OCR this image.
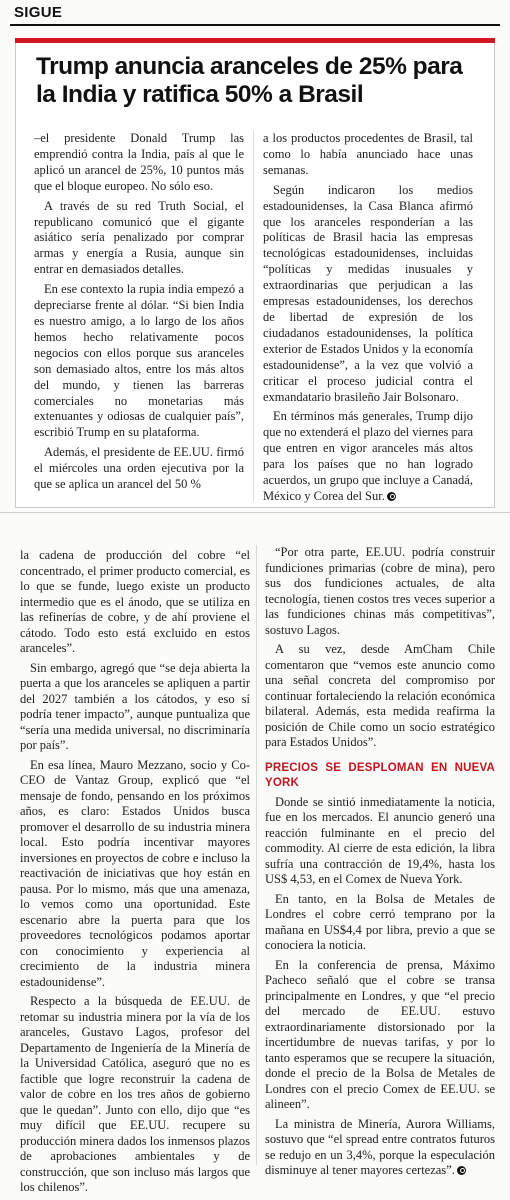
SIGUE
Trump anuncia aranceles de 25% para la India y ratifica 50% a Brasil

–el presidente Donald Trump las emprendió contra la India, país al que le aplicó un arancel de 25%, 10 puntos más que el bloque europeo. No sólo eso.

A través de su red Truth Social, el republicano comunicó que el gigante asiático sería penalizado por comprar armas y energía a Rusia, aunque sin entrar en demasiados detalles.

En ese contexto la rupia india empezó a depreciarse frente al dólar. “Si bien India es nuestro amigo, a lo largo de los años hemos hecho relativamente pocos negocios con ellos porque sus aranceles son demasiado altos, entre los más altos del mundo, y tienen las barreras comerciales no monetarias más extenuantes y odiosas de cualquier país”, escribió Trump en su plataforma.

Además, el presidente de EE.UU. firmó el miércoles una orden ejecutiva por la que se aplica un arancel del 50 %

a los productos procedentes de Brasil, tal como lo había anunciado hace unas semanas.

Según indicaron los medios estadounidenses, la Casa Blanca afirmó que los aranceles responderían a las políticas de Brasil hacia las empresas tecnológicas estadounidenses, incluidas “políticas y medidas inusuales y extraordinarias que perjudican a las empresas estadounidenses, los derechos de libertad de expresión de los ciudadanos estadounidenses, la política exterior de Estados Unidos y la economía estadounidense”, a la vez que volvió a criticar el proceso judicial contra el exmandatario brasileño Jair Bolsonaro.

En términos más generales, Trump dijo que no extenderá el plazo del viernes para que entren en vigor aranceles más altos para los países que no han logrado acuerdos, un grupo que incluye a Canadá, México y Corea del Sur.

la cadena de producción del cobre “el concentrado, el primer producto comercial, es lo que se funde, luego existe un producto intermedio que es el ánodo, que se utiliza en las refinerías de cobre, y de ahí proviene el cátodo. Todo esto está excluido en estos aranceles”.

Sin embargo, agregó que “se deja abierta la puerta a que los aranceles se apliquen a partir del 2027 también a los cátodos, y eso sí podría tener impacto”, aunque puntualiza que “sería una medida universal, no discriminaría por país”.

En esa línea, Mauro Mezzano, socio y Co-CEO de Vantaz Group, explicó que “el mensaje de fondo, pensando en los próximos años, es claro: Estados Unidos busca promover el desarrollo de su industria minera local. Esto podría incentivar mayores inversiones en proyectos de cobre e incluso la reactivación de iniciativas que hoy están en pausa. Por lo mismo, más que una amenaza, lo vemos como una oportunidad. Este escenario abre la puerta para que los proveedores tecnológicos podamos aportar con conocimiento y experiencia al crecimiento de la industria minera estadounidense”.

Respecto a la búsqueda de EE.UU. de retomar su industria minera por la vía de los aranceles, Gustavo Lagos, profesor del Departamento de Ingeniería de la Minería de la Universidad Católica, aseguró que no es factible que logre reconstruir la cadena de valor de cobre en los tres años de gobierno que le quedan”. Junto con ello, dijo que “es muy difícil que EE.UU. recupere su producción minera dados los inmensos plazos de aprobaciones ambientales y de construcción, que son incluso más largos que los chilenos”.

“Por otra parte, EE.UU. podría construir fundiciones primarias (cobre de mina), pero sus dos fundiciones actuales, de alta tecnología, tienen costos tres veces superior a las fundiciones chinas más competitivas”, sostuvo Lagos.

A su vez, desde AmCham Chile comentaron que “vemos este anuncio como una señal concreta del compromiso por continuar fortaleciendo la relación económica bilateral. Además, esta medida reafirma la posición de Chile como un socio estratégico para Estados Unidos”.

PRECIOS SE DESPLOMAN EN NUEVA YORK

Donde se sintió inmediatamente la noticia, fue en los mercados. El anuncio generó una reacción fulminante en el precio del commodity. Al cierre de esta edición, la libra sufría una contracción de 19,4%, hasta los US$ 4,53, en el Comex de Nueva York.

En tanto, en la Bolsa de Metales de Londres el cobre cerró temprano por la mañana en US$4,4 por libra, previo a que se conociera la noticia.

En la conferencia de prensa, Máximo Pacheco señaló que el cobre se transa principalmente en Londres, y que “el precio del mercado de EE.UU. estuvo extraordinariamente distorsionado por la incertidumbre de nuevas tarifas, y por lo tanto esperamos que se recupere la situación, donde el precio de la Bolsa de Metales de Londres con el precio Comex de EE.UU. se alineen”.

La ministra de Minería, Aurora Williams, sostuvo que “el spread entre contratos futuros se redujo en un 3,4%, porque la especulación disminuye al tener mayores certezas”.
